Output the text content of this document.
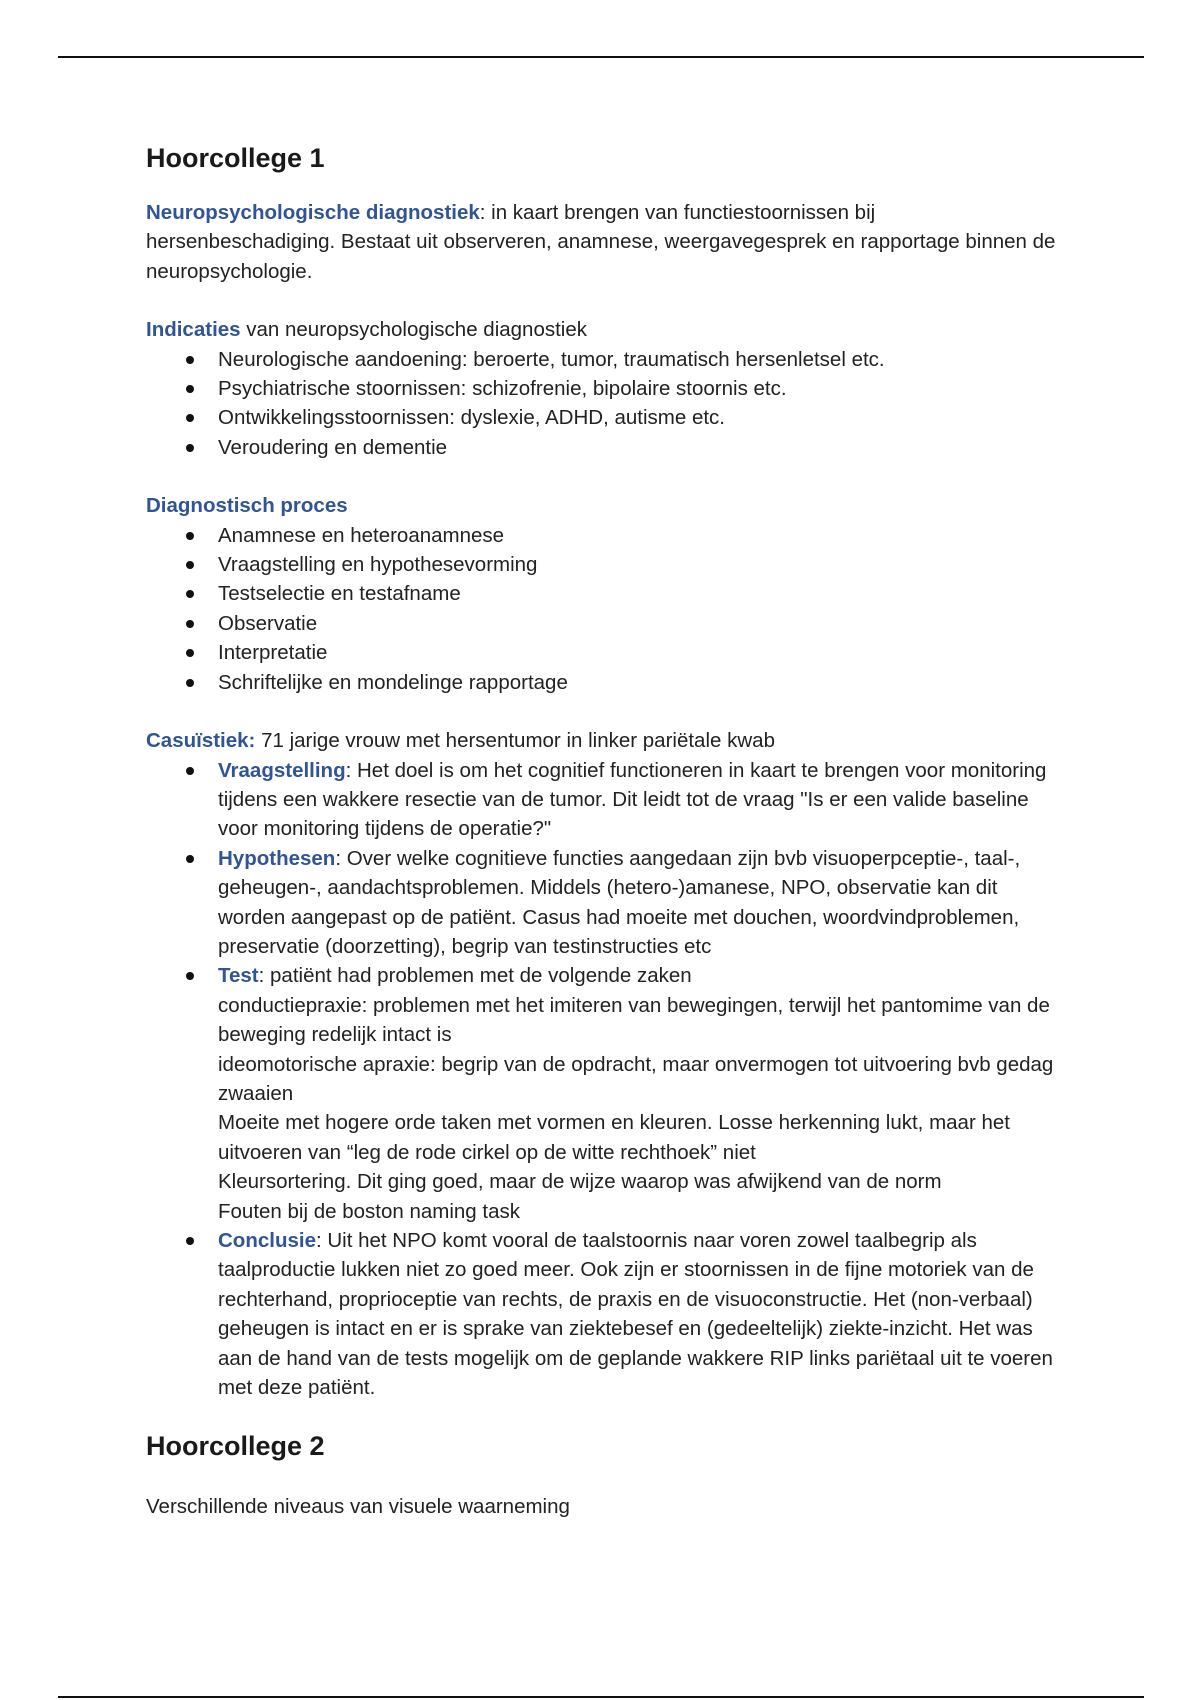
Hoorcollege 1

Neuropsychologische diagnostiek: in kaart brengen van functiestoornissen bij hersenbeschadiging. Bestaat uit observeren, anamnese, weergavegesprek en rapportage binnen de neuropsychologie.

Indicaties van neuropsychologische diagnostiek

Neurologische aandoening: beroerte, tumor, traumatisch hersenletsel etc.
Psychiatrische stoornissen: schizofrenie, bipolaire stoornis etc.
Ontwikkelingsstoornissen: dyslexie, ADHD, autisme etc.
Veroudering en dementie

Diagnostisch proces

Anamnese en heteroanamnese
Vraagstelling en hypothesevorming
Testselectie en testafname
Observatie
Interpretatie
Schriftelijke en mondelinge rapportage

Casuïstiek: 71 jarige vrouw met hersentumor in linker pariëtale kwab

Vraagstelling: Het doel is om het cognitief functioneren in kaart te brengen voor monitoring tijdens een wakkere resectie van de tumor. Dit leidt tot de vraag "Is er een valide baseline voor monitoring tijdens de operatie?"
Hypothesen: Over welke cognitieve functies aangedaan zijn bvb visuoperpceptie-, taal-, geheugen-, aandachtsproblemen. Middels (hetero-)amanese, NPO, observatie kan dit worden aangepast op de patiënt. Casus had moeite met douchen, woordvindproblemen, preservatie (doorzetting), begrip van testinstructies etc
Test: patiënt had problemen met de volgende zaken
conductiepraxie: problemen met het imiteren van bewegingen, terwijl het pantomime van de beweging redelijk intact is
ideomotorische apraxie: begrip van de opdracht, maar onvermogen tot uitvoering bvb gedag zwaaien
Moeite met hogere orde taken met vormen en kleuren. Losse herkenning lukt, maar het uitvoeren van “leg de rode cirkel op de witte rechthoek” niet
Kleursortering. Dit ging goed, maar de wijze waarop was afwijkend van de norm
Fouten bij de boston naming task
Conclusie: Uit het NPO komt vooral de taalstoornis naar voren zowel taalbegrip als taalproductie lukken niet zo goed meer. Ook zijn er stoornissen in de fijne motoriek van de rechterhand, proprioceptie van rechts, de praxis en de visuoconstructie. Het (non-verbaal) geheugen is intact en er is sprake van ziektebesef en (gedeeltelijk) ziekte-inzicht. Het was aan de hand van de tests mogelijk om de geplande wakkere RIP links pariëtaal uit te voeren met deze patiënt.
Hoorcollege 2

Verschillende niveaus van visuele waarneming
